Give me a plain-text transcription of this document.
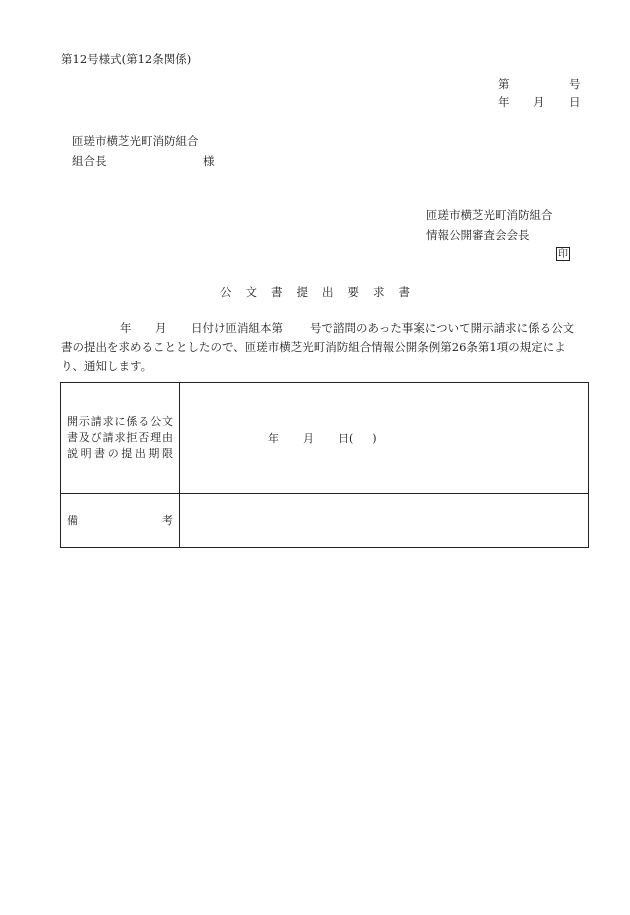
第12号様式(第12条関係)
第	号
年 月 日
匝瑳市横芝光町消防組合
組合長	様
匝瑳市横芝光町消防組合
情報公開審査会会長
印
公 文 書 提 出 要 求 書
年 月 日付け匝消組本第 号で諮問のあった事案について開示請求に係る公文
書の提出を求めることとしたので、匝瑳市横芝光町消防組合情報公開条例第26条第1項の規定によ
り、通知します。
開示請求に係る公文
書及び請求拒否理由
説明書の提出期限	年 月 日( )

備 考	
